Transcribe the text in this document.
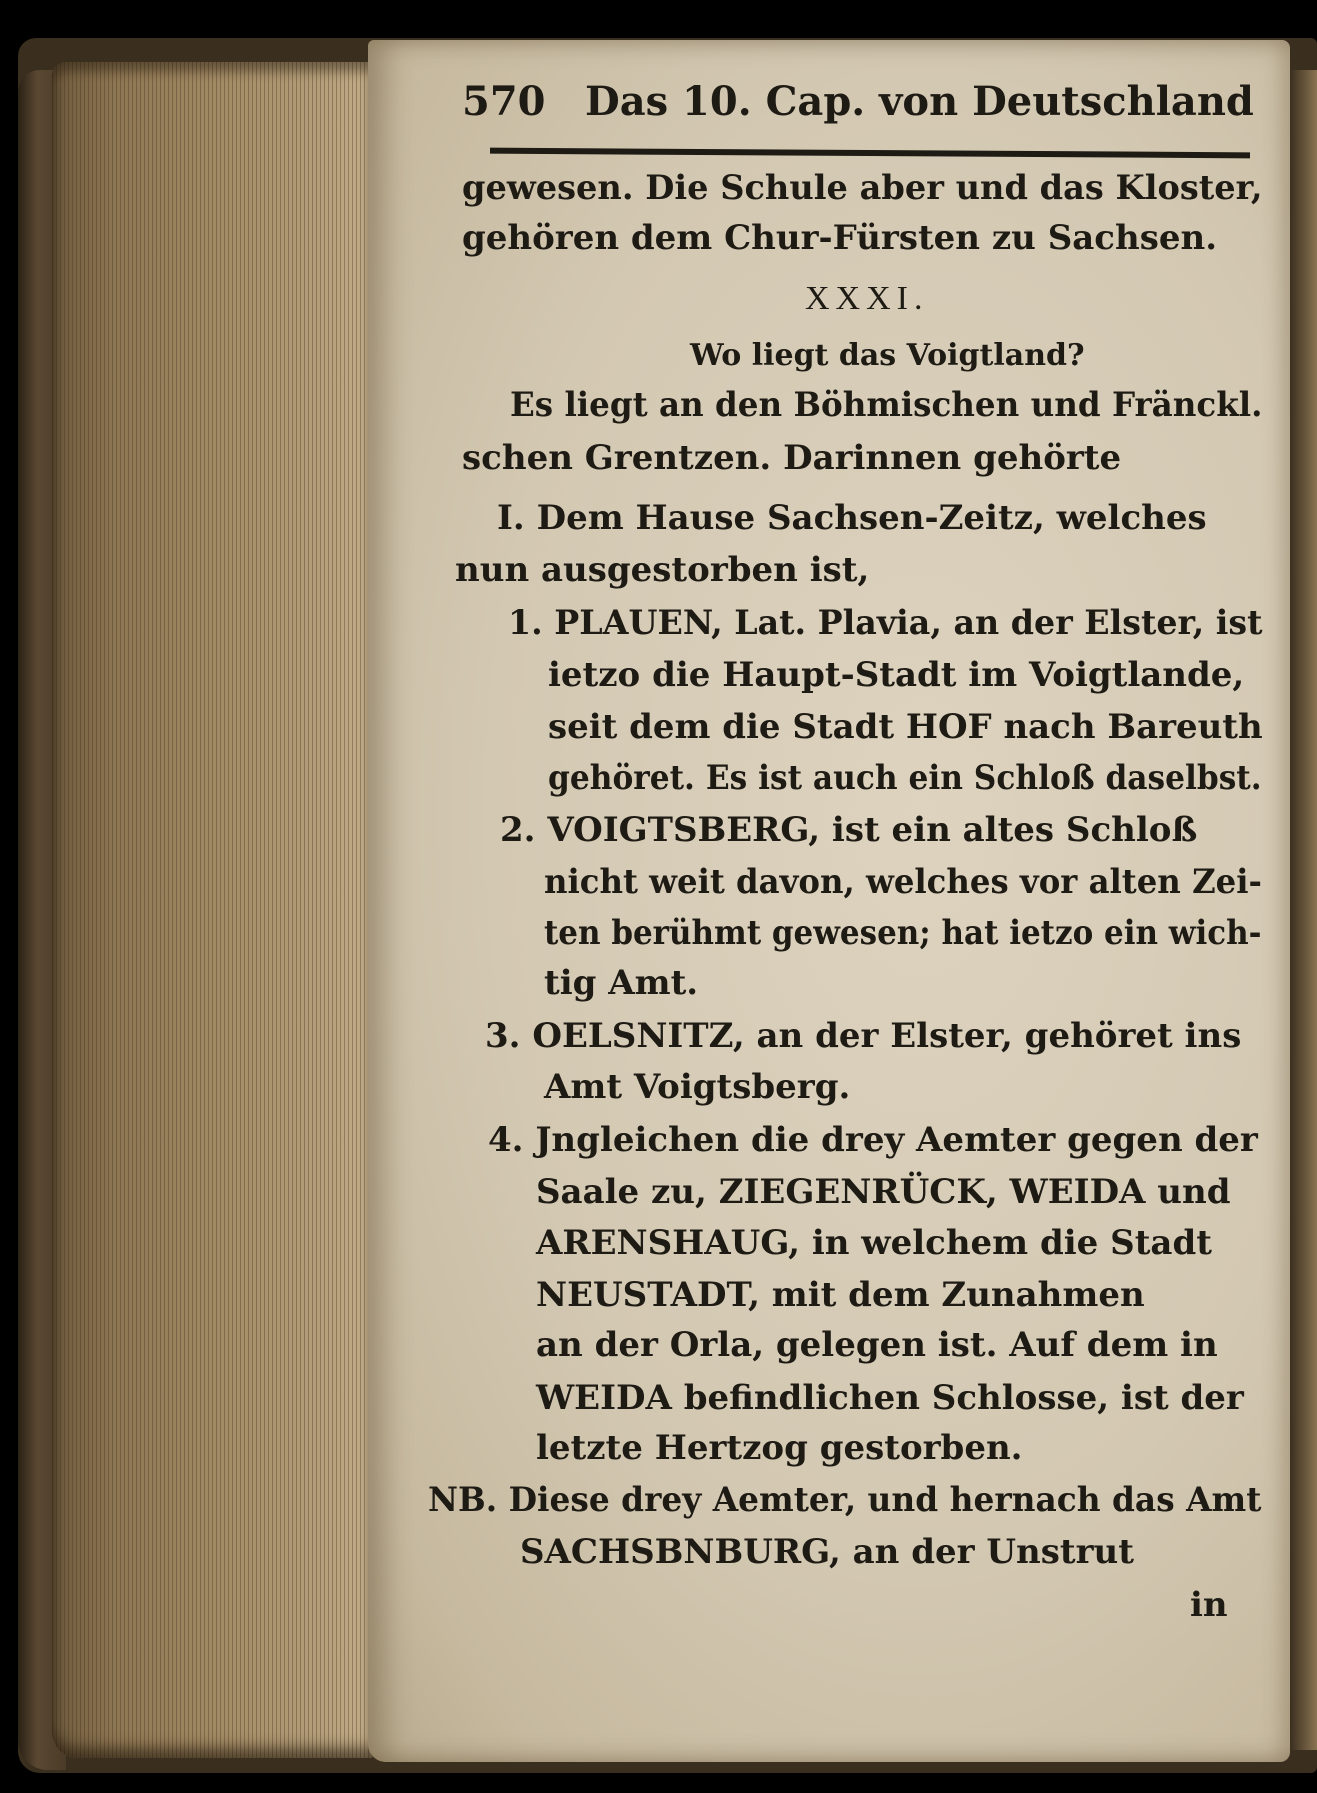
570 Das 10. Cap. von Deutschland
gewesen. Die Schule aber und das Kloster,
gehören dem Chur-Fürsten zu Sachsen.
XXXI.
Wo liegt das Voigtland?
Es liegt an den Böhmischen und Fränckl.
schen Grentzen. Darinnen gehörte
I. Dem Hause Sachsen-Zeitz, welches
nun ausgestorben ist,
1. PLAUEN, Lat. Plavia, an der Elster, ist
ietzo die Haupt-Stadt im Voigtlande,
seit dem die Stadt HOF nach Bareuth
gehöret. Es ist auch ein Schloß daselbst.
2. VOIGTSBERG, ist ein altes Schloß
nicht weit davon, welches vor alten Zei-
ten berühmt gewesen; hat ietzo ein wich-
tig Amt.
3. OELSNITZ, an der Elster, gehöret ins
Amt Voigtsberg.
4. Jngleichen die drey Aemter gegen der
Saale zu, ZIEGENRÜCK, WEIDA und
ARENSHAUG, in welchem die Stadt
NEUSTADT, mit dem Zunahmen
an der Orla, gelegen ist. Auf dem in
WEIDA befindlichen Schlosse, ist der
letzte Hertzog gestorben.
NB. Diese drey Aemter, und hernach das Amt
SACHSBNBURG, an der Unstrut
in
